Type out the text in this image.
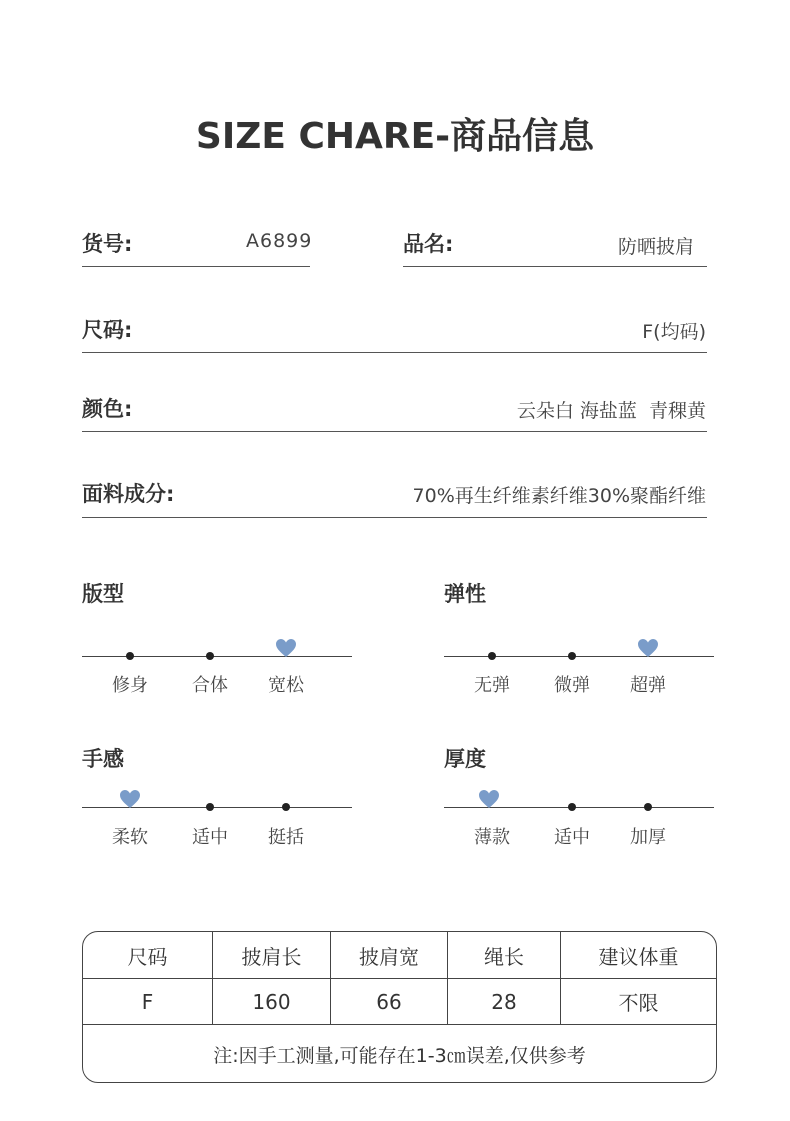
SIZE CHARE-商品信息
货号:	A6899	品名:	防晒披肩
尺码:	F(均码)
颜色:	云朵白 海盐蓝  青稞黄
面料成分:	70%再生纤维素纤维30%聚酯纤维
版型
修身	合体	宽松
弹性
无弹	微弹	超弹
手感
柔软	适中	挺括
厚度
薄款	适中	加厚
尺码	披肩长	披肩宽	绳长	建议体重
F	160	66	28	不限
注:因手工测量,可能存在1-3㎝误差,仅供参考
